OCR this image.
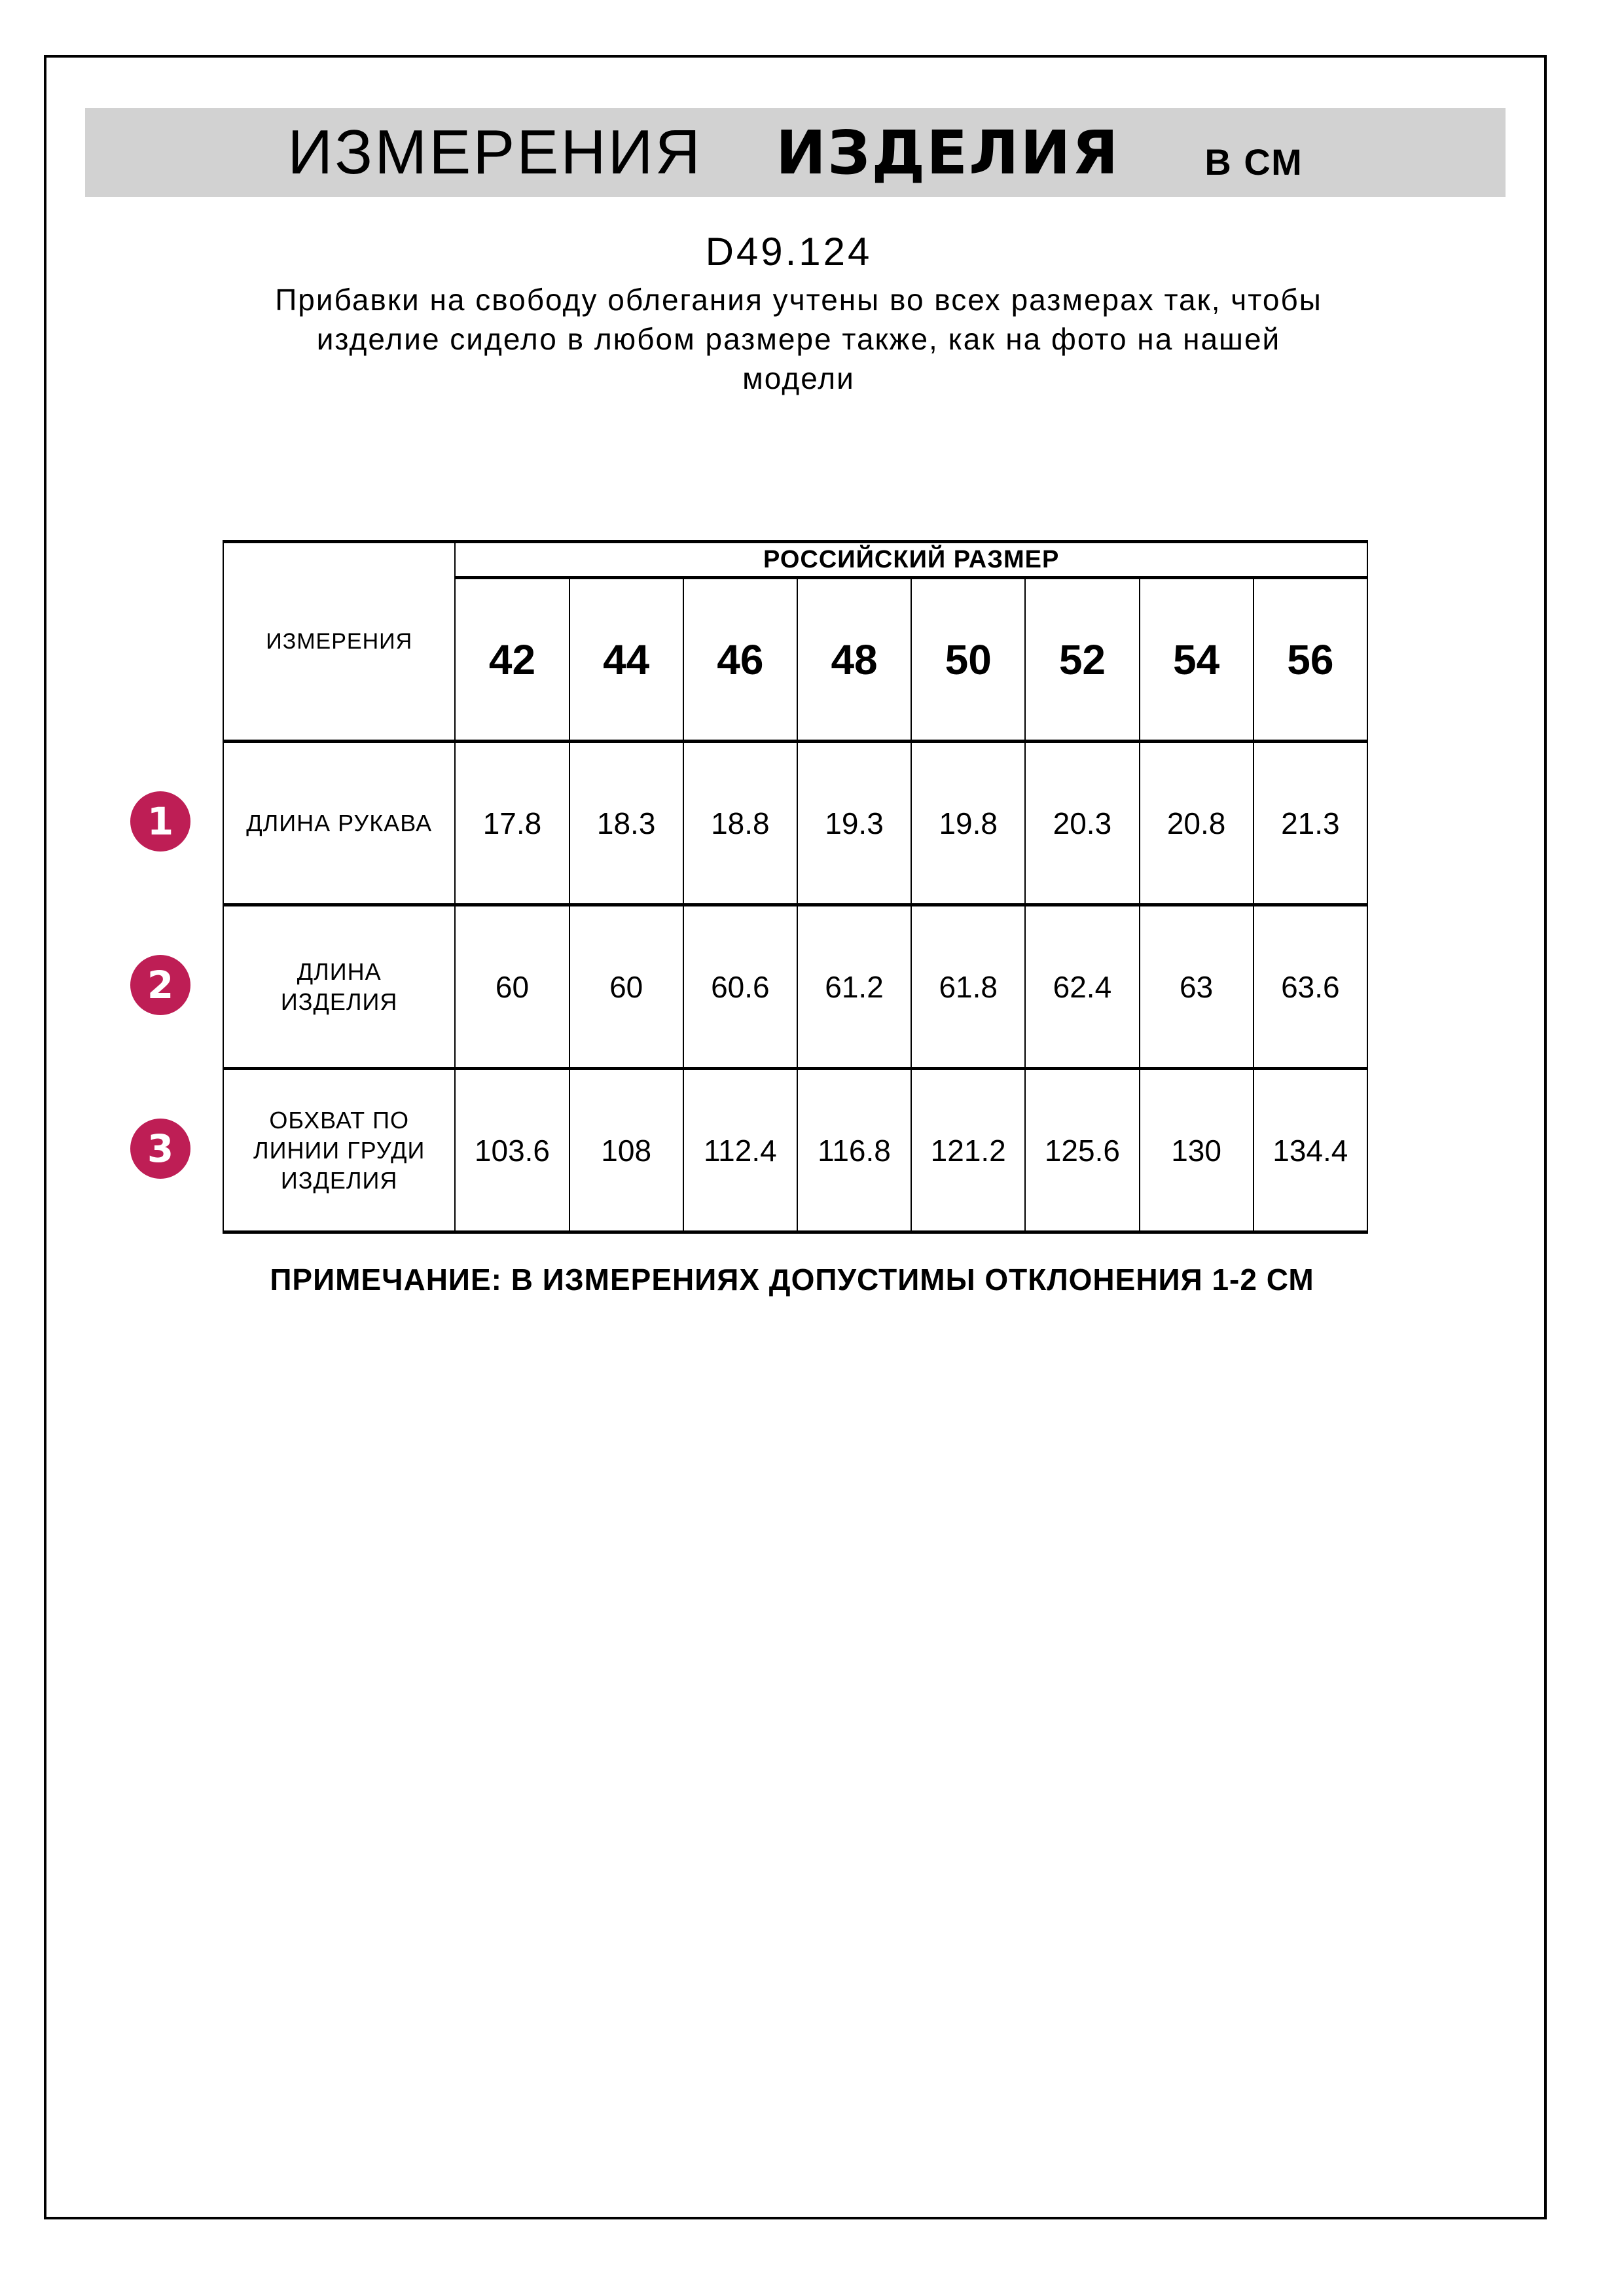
ИЗМЕРЕНИЯ ИЗДЕЛИЯ В СМ
D49.124
Прибавки на свободу облегания учтены во всех размерах так, чтобы
изделие сидело в любом размере также, как на фото на нашей
модели
1
2
3
ИЗМЕРЕНИЯ	РОССИЙСКИЙ РАЗМЕР							
	42	44	46	48	50	52	54	56

ДЛИНА РУКАВА	17.8	18.3	18.8	19.3	19.8	20.3	20.8	21.3

ДЛИНА
ИЗДЕЛИЯ	60	60	60.6	61.2	61.8	62.4	63	63.6

ОБХВАТ ПО
ЛИНИИ ГРУДИ
ИЗДЕЛИЯ	103.6	108	112.4	116.8	121.2	125.6	130	134.4
ПРИМЕЧАНИЕ: В ИЗМЕРЕНИЯХ ДОПУСТИМЫ ОТКЛОНЕНИЯ 1-2 СМ
